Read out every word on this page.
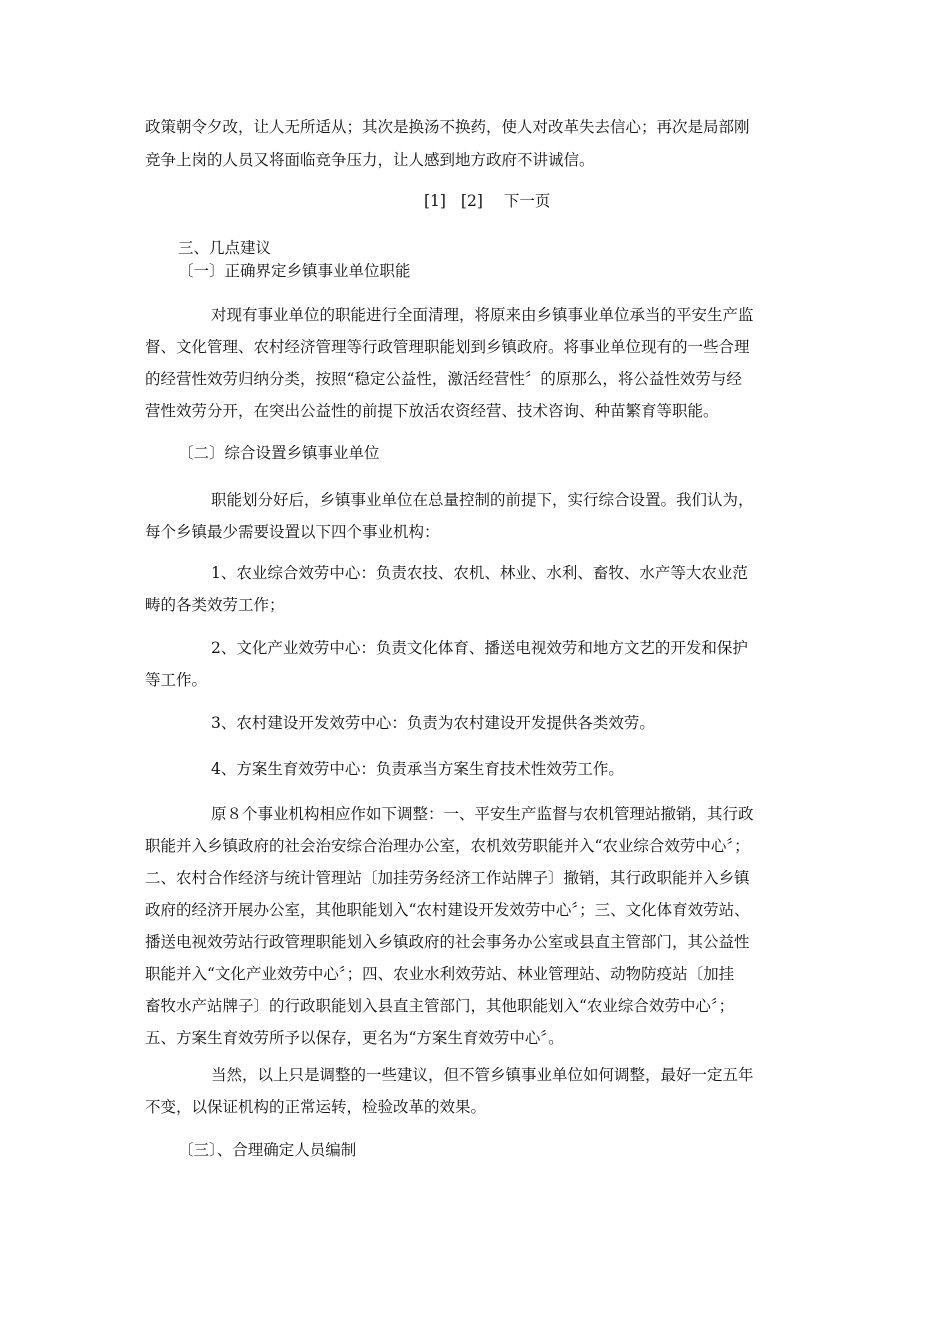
政策朝令夕改，让人无所适从；其次是换汤不换药，使人对改革失去信心；再次是局部刚
竞争上岗的人员又将面临竞争压力，让人感到地方政府不讲诚信。
[1] [2] 下一页
三、几点建议
〔一〕正确界定乡镇事业单位职能
对现有事业单位的职能进行全面清理，将原来由乡镇事业单位承当的平安生产监
督、文化管理、农村经济管理等行政管理职能划到乡镇政府。将事业单位现有的一些合理
的经营性效劳归纳分类，按照“稳定公益性，激活经营性〞的原那么，将公益性效劳与经
营性效劳分开，在突出公益性的前提下放活农资经营、技术咨询、种苗繁育等职能。
〔二〕综合设置乡镇事业单位
职能划分好后，乡镇事业单位在总量控制的前提下，实行综合设置。我们认为，
每个乡镇最少需要设置以下四个事业机构：
1、农业综合效劳中心：负责农技、农机、林业、水利、畜牧、水产等大农业范
畴的各类效劳工作；
2、文化产业效劳中心：负责文化体育、播送电视效劳和地方文艺的开发和保护
等工作。
3、农村建设开发效劳中心：负责为农村建设开发提供各类效劳。
4、方案生育效劳中心：负责承当方案生育技术性效劳工作。
原８个事业机构相应作如下调整：一、平安生产监督与农机管理站撤销，其行政
职能并入乡镇政府的社会治安综合治理办公室，农机效劳职能并入“农业综合效劳中心〞；
二、农村合作经济与统计管理站〔加挂劳务经济工作站牌子〕撤销，其行政职能并入乡镇
政府的经济开展办公室，其他职能划入“农村建设开发效劳中心〞；三、文化体育效劳站、
播送电视效劳站行政管理职能划入乡镇政府的社会事务办公室或县直主管部门，其公益性
职能并入“文化产业效劳中心〞；四、农业水利效劳站、林业管理站、动物防疫站〔加挂
畜牧水产站牌子〕的行政职能划入县直主管部门，其他职能划入“农业综合效劳中心〞；
五、方案生育效劳所予以保存，更名为“方案生育效劳中心〞。
当然，以上只是调整的一些建议，但不管乡镇事业单位如何调整，最好一定五年
不变，以保证机构的正常运转，检验改革的效果。
〔三〕、合理确定人员编制
